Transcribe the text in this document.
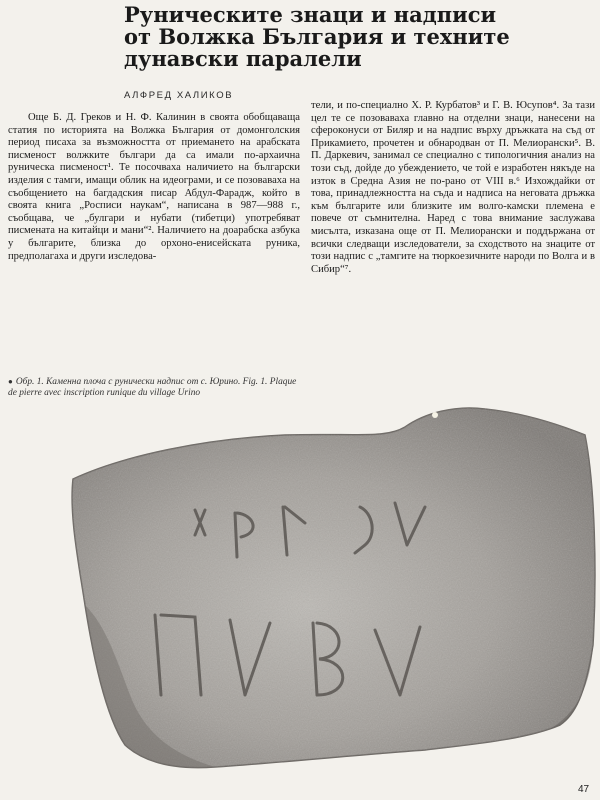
Руническите знаци и надписи
от Волжка България и техните
дунавски паралели
АЛФРЕД ХАЛИКОВ

Още Б. Д. Греков и Н. Ф. Калинин в своята обобщаваща статия по историята на Волжка България от домонголския период писаха за възможността от приемането на арабската писменост волжките българи да са имали по-архаична руническа писменост¹. Те посочваха наличието на български изделия с тамги, имащи облик на идеограми, и се позоваваха на съобщението на багдадския писар Абдул-Фарадж, който в своята книга „Росписи наукам“, написана в 987—988 г., съобщава, че „булгари и нубати (тибетци) употребяват писмената на китайци и мани“². Наличието на доарабска азбука у българите, близка до орхоно-енисейската руника, предполагаха и други изследова-

тели, и по-специално Х. Р. Курбатов³ и Г. В. Юсупов⁴. За тази цел те се позоваваха главно на отделни знаци, нанесени на сфероконуси от Биляр и на надпис върху дръжката на съд от Прикамието, прочетен и обнародван от П. Мелиорански⁵. В. П. Даркевич, занимал се специално с типологичния анализ на този съд, дойде до убеждението, че той е изработен някъде на изток в Средна Азия не по-рано от VIII в.⁶ Изхождайки от това, принадлежността на съда и надписа на неговата дръжка към българите или близките им волго-камски племена е повече от съмнителна. Наред с това внимание заслужава мисълта, изказана още от П. Мелиорански и поддържана от всички следващи изследователи, за сходството на знаците от този надпис с „тамгите на тюркоезичните народи по Волга и в Сибир“⁷.

● Обр. 1. Каменна плоча с рунически надпис от с. Юрино. Fig. 1. Plaque de pierre avec inscription runique du village Urino
47
